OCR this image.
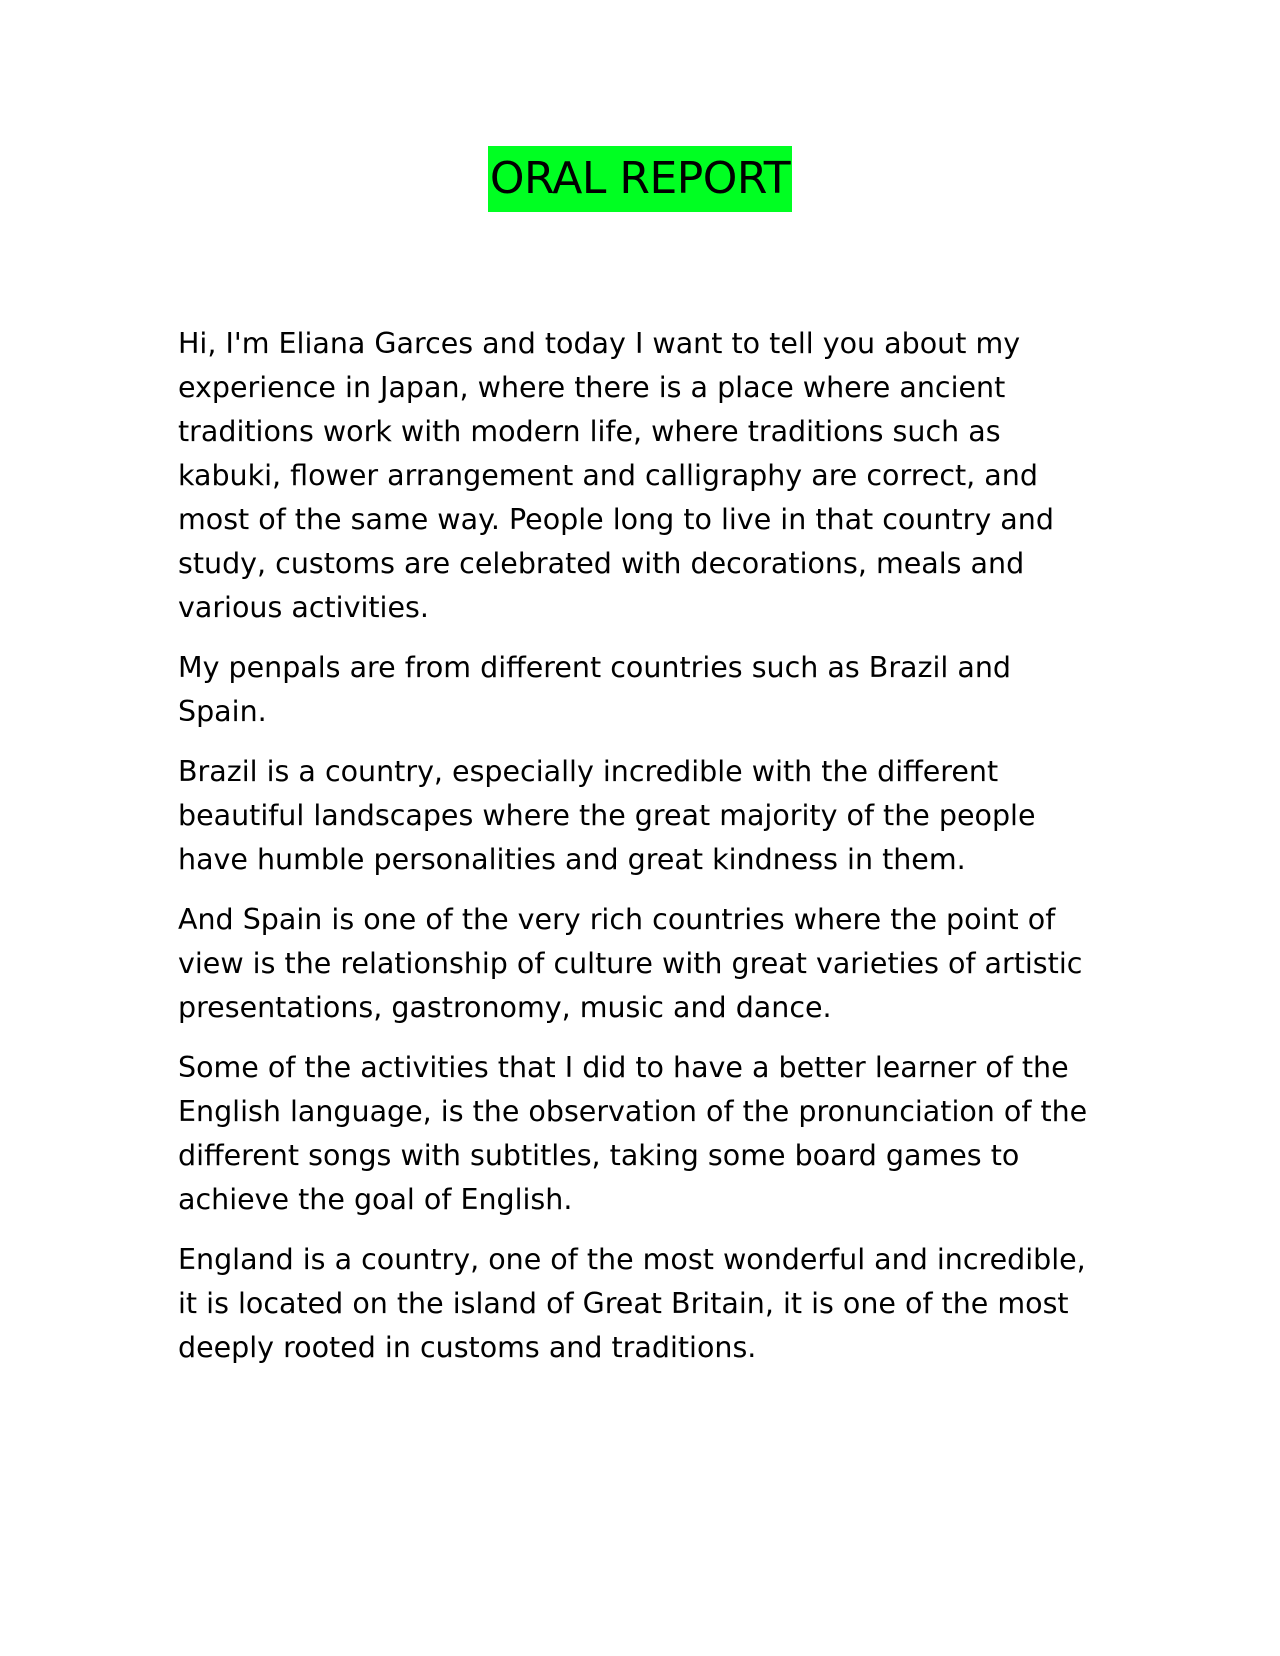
ORAL REPORT

Hi, I'm Eliana Garces and today I want to tell you about my experience in Japan, where there is a place where ancient traditions work with modern life, where traditions such as kabuki, flower arrangement and calligraphy are correct, and most of the same way. People long to live in that country and study, customs are celebrated with decorations, meals and various activities.

My penpals are from different countries such as Brazil and Spain.

Brazil is a country, especially incredible with the different beautiful landscapes where the great majority of the people have humble personalities and great kindness in them.

And Spain is one of the very rich countries where the point of view is the relationship of culture with great varieties of artistic presentations, gastronomy, music and dance.

Some of the activities that I did to have a better learner of the English language, is the observation of the pronunciation of the different songs with subtitles, taking some board games to achieve the goal of English.

England is a country, one of the most wonderful and incredible, it is located on the island of Great Britain, it is one of the most deeply rooted in customs and traditions.
